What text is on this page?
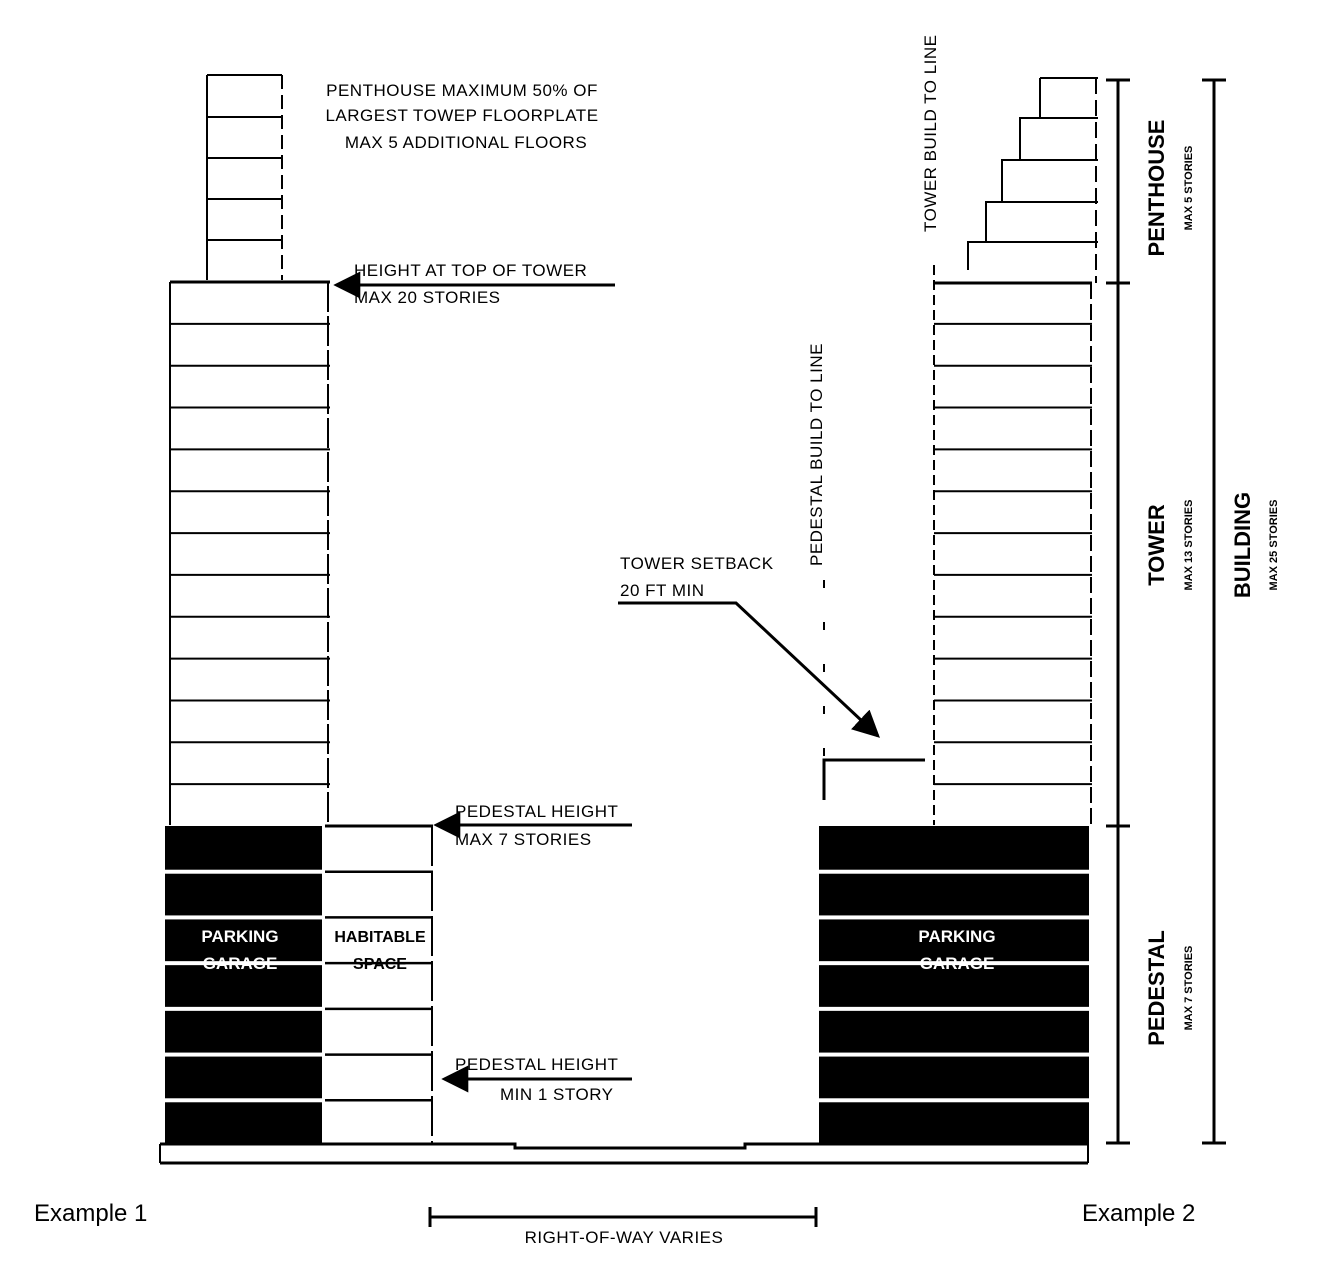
PARKING
GARAGE
HABITABLE
SPACE
PENTHOUSE MAXIMUM 50% OF
LARGEST TOWEP FLOORPLATE
MAX 5 ADDITIONAL FLOORS
HEIGHT AT TOP OF TOWER
MAX 20 STORIES
PEDESTAL HEIGHT
MAX 7 STORIES
PEDESTAL HEIGHT
MIN 1 STORY
PARKING
GARAGE
PEDESTAL BUILD TO LINE
TOWER BUILD TO LINE
TOWER SETBACK
20 FT MIN
PENTHOUSE MAX 5 STORIES
TOWER MAX 13 STORIES
PEDESTAL MAX 7 STORIES
BUILDING MAX 25 STORIES
RIGHT-OF-WAY VARIES
Example 1	Example 2
